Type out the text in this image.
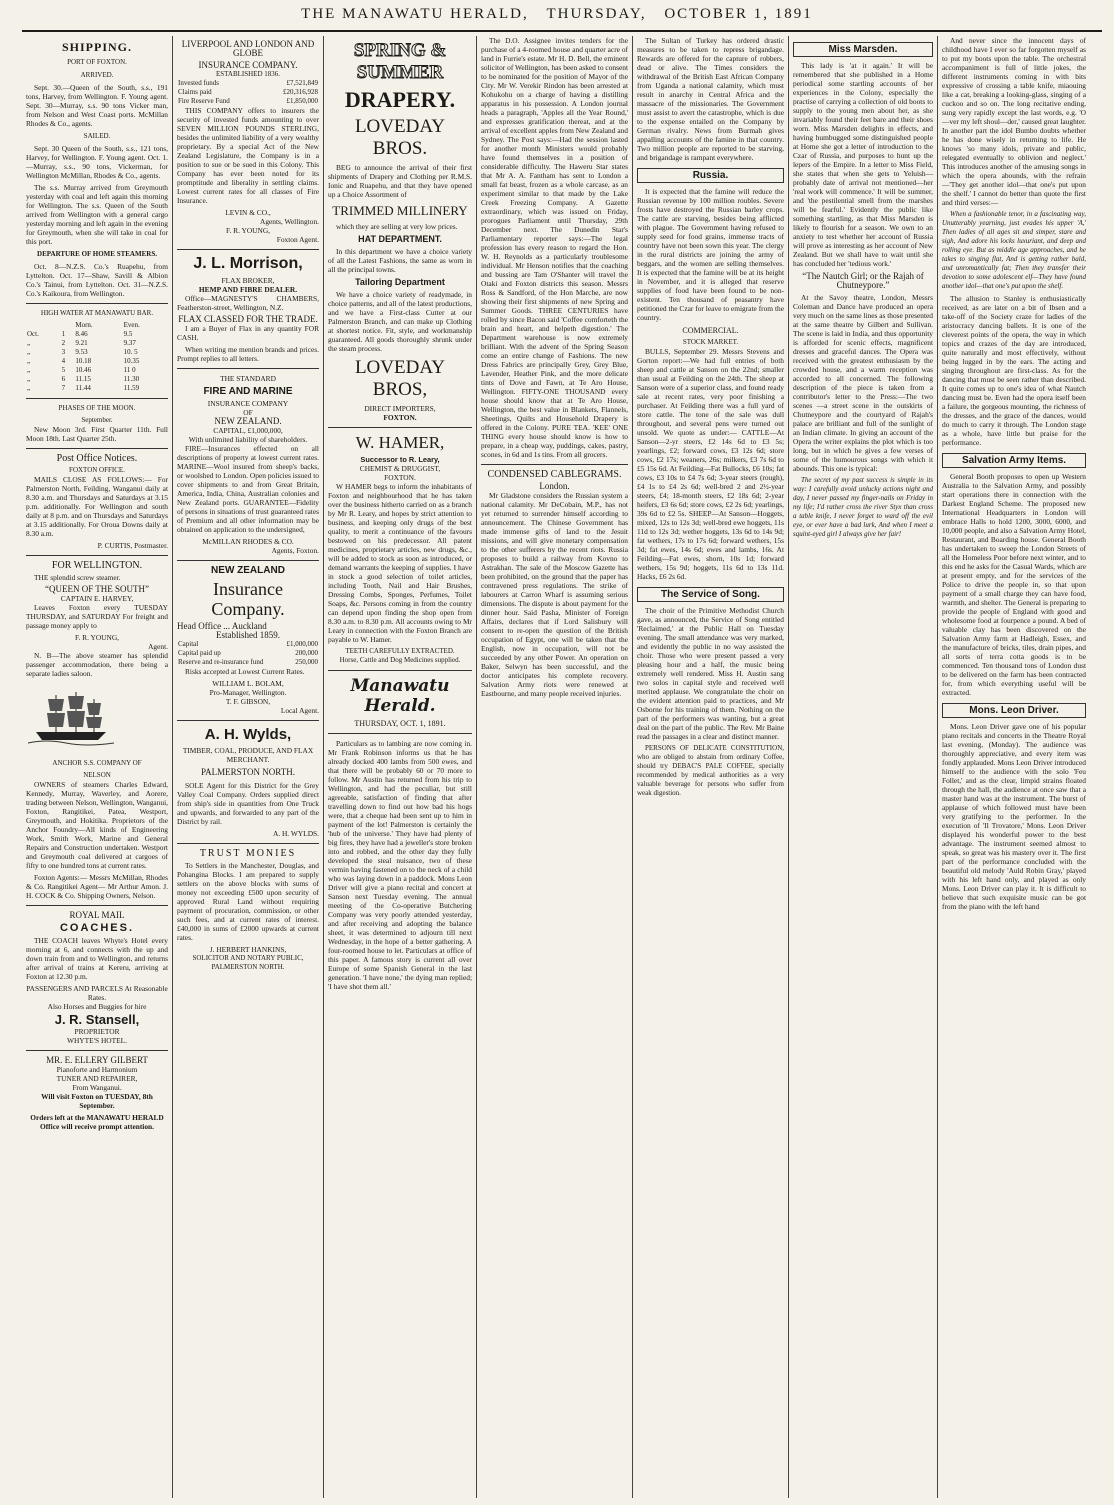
THE MANAWATU HERALD, THURSDAY, OCTOBER 1, 1891
SHIPPING.
PORT OF FOXTON.
ARRIVED.

Sept. 30.—Queen of the South, s.s., 191 tons, Harvey, from Wellington. F. Young agent. Sept. 30—Murray, s.s. 90 tons Vicker man, from Nelson and West Coast ports. McMillan Rhodes & Co., agents.

SAILED.

Sept. 30 Queen of the South, s.s., 121 tons, Harvey, for Wellington. F. Young agent. Oct. 1.—Murray, s.s., 90 tons, Vickerman, for Wellington McMillan, Rhodes & Co., agents.

The s.s. Murray arrived from Greymouth yesterday with coal and left again this morning for Wellington. The s.s. Queen of the South arrived from Wellington with a general cargo yesterday morning and left again in the evening for Greymouth, when she will take in coal for this port.

DEPARTURE OF HOME STEAMERS.

Oct. 8—N.Z.S. Co.'s Ruapehu, from Lyttelton. Oct. 17—Shaw, Savill & Albion Co.'s Tainui, from Lyttelton. Oct. 31—N.Z.S. Co.'s Kaikoura, from Wellington.

HIGH WATER AT MANAWATU BAR.
		Morn.	Even.
Oct.	1	8.46	9.5
„	2	9.21	9.37
„	3	9.53	10. 5
„	4	10.18	10.35
„	5	10.46	11 0
„	6	11.15	11.30
„	7	11.44	11.59
PHASES OF THE MOON.
September.

New Moon 3rd. First Quarter 11th. Full Moon 18th. Last Quarter 25th.

Post Office Notices.
FOXTON OFFICE.

MAILS CLOSE AS FOLLOWS:— For Palmerston North, Feilding, Wanganui daily at 8.30 a.m. and Thursdays and Saturdays at 3.15 p.m. additionally. For Wellington and south daily at 8 p.m. and on Thursdays and Saturdays at 3.15 additionally. For Oroua Downs daily at 8.30 a.m.

P. CURTIS, Postmaster.
FOR WELLINGTON.

THE splendid screw steamer.

“QUEEN OF THE SOUTH”
CAPTAIN E. HARVEY,

Leaves Foxton every TUESDAY THURSDAY, and SATURDAY For freight and passage money apply to

F. R. YOUNG,
Agent.

N. B—The above steamer has splendid passenger accommodation, there being a separate ladies saloon.

ANCHOR S.S. COMPANY OF
NELSON

OWNERS of steamers Charles Edward, Kennedy, Murray, Waverley, and Aorere, trading between Nelson, Wellington, Wanganui, Foxton, Rangitikei, Patea, Westport, Greymouth, and Hokitika. Proprietors of the Anchor Foundry—All kinds of Engineering Work, Smith Work, Marine and General Repairs and Construction undertaken. Westport and Greymouth coal delivered at cargoes of fifty to one hundred tons at current rates.

Foxton Agents:— Messrs McMillan, Rhodes & Co. Rangitikei Agent— Mr Arthur Amon. J. H. COCK & Co. Shipping Owners, Nelson.

ROYAL MAIL
COACHES.

THE COACH leaves Whyte's Hotel every morning at 6, and connects with the up and down train from and to Wellington, and returns after arrival of trains at Kereru, arriving at Foxton at 12.30 p.m.

PASSENGERS AND PARCELS At Reasonable Rates.
Also Horses and Buggies for hire
J. R. Stansell,
PROPRIETOR
WHYTE'S HOTEL.
MR. E. ELLERY GILBERT
Pianoforte and Harmonium
TUNER AND REPAIRER,
From Wanganui.
Will visit Foxton on TUESDAY, 8th September.
Orders left at the MANAWATU HERALD Office will receive prompt attention.
LIVERPOOL AND LONDON AND GLOBE
INSURANCE COMPANY.
ESTABLISHED 1836.
Invested funds	£7,521,849
Claims paid	£20,316,928
Fire Reserve Fund	£1,850,000

THIS COMPANY offers to insurers the security of invested funds amounting to over SEVEN MILLION POUNDS STERLING, besides the unlimited liability of a very wealthy proprietary. By a special Act of the New Zealand Legislature, the Company is in a position to sue or be sued in this Colony. This Company has ever been noted for its promptitude and liberality in settling claims. Lowest current rates for all classes of Fire Insurance.

LEVIN & CO.,
Agents, Wellington.
F. R. YOUNG,
Foxton Agent.
J. L. Morrison,
FLAX BROKER,
HEMP AND FIBRE DEALER.

Office—MAGNESTY'S CHAMBERS, Featherston-street, Wellington, N.Z.

FLAX CLASSED FOR THE TRADE.

I am a Buyer of Flax in any quantity FOR CASH.

When writing me mention brands and prices. Prompt replies to all letters.

THE STANDARD
FIRE AND MARINE
INSURANCE COMPANY
OF
NEW ZEALAND.
CAPITAL, £1,000,000,
With unlimited liability of shareholders.

FIRE—Insurances effected on all descriptions of property at lowest current rates. MARINE—Wool insured from sheep's backs, or woolshed to London. Open policies issued to cover shipments to and from Great Britain, America, India, China, Australian colonies and New Zealand ports. GUARANTEE—Fidelity of persons in situations of trust guaranteed rates of Premium and all other information may be obtained on application to the undersigned,

McMILLAN RHODES & CO.
Agents, Foxton.
NEW ZEALAND
Insurance Company.
Head Office ... Auckland
Established 1859.
Capital	£1,000,000
Capital paid up	200,000
Reserve and re-insurance fund	250,000

Risks accepted at Lowest Current Rates.

WILLIAM L. BOLAM,
Pro-Manager, Wellington.
T. F. GIBSON,
Local Agent.
A. H. Wylds,
TIMBER, COAL, PRODUCE, AND FLAX MERCHANT.
PALMERSTON NORTH.

SOLE Agent for this District for the Grey Valley Coal Company. Orders supplied direct from ship's side in quantities from One Truck and upwards, and forwarded to any part of the District by rail.

A. H. WYLDS.
TRUST MONIES

To Settlers in the Manchester, Douglas, and Pohangina Blocks. I am prepared to supply settlers on the above blocks with sums of money not exceeding £500 upon security of approved Rural Land without requiring payment of procuration, commission, or other such fees, and at current rates of interest. £40,000 in sums of £2000 upwards at current rates.

J. HERBERT HANKINS,
SOLICITOR AND NOTARY PUBLIC,
PALMERSTON NORTH.
SPRING & SUMMER
DRAPERY.
LOVEDAY BROS.

BEG to announce the arrival of their first shipments of Drapery and Clothing per R.M.S. Ionic and Ruapehu, and that they have opened up a Choice Assortment of

TRIMMED MILLINERY

which they are selling at very low prices.

HAT DEPARTMENT.

In this department we have a choice variety of all the Latest Fashions, the same as worn in all the principal towns.

Tailoring Department

We have a choice variety of readymade, in choice patterns, and all of the latest productions, and we have a First-class Cutter at our Palmerston Branch, and can make up Clothing at shortest notice. Fit, style, and workmanship guaranteed. All goods thoroughly shrunk under the steam process.

LOVEDAY BROS,
DIRECT IMPORTERS,
FOXTON.
W. HAMER,
Successor to R. Leary,
CHEMIST & DRUGGIST,
FOXTON.

W HAMER begs to inform the inhabitants of Foxton and neighbourhood that he has taken over the business hitherto carried on as a branch by Mr R. Leary, and hopes by strict attention to business, and keeping only drugs of the best quality, to merit a continuance of the favours bestowed on his predecessor. All patent medicines, proprietary articles, new drugs, &c., will be added to stock as soon as introduced, or demand warrants the keeping of supplies. I have in stock a good selection of toilet articles, including Tooth, Nail and Hair Brushes, Dressing Combs, Sponges, Perfumes, Toilet Soaps, &c. Persons coming in from the country can depend upon finding the shop open from 8.30 a.m. to 8.30 p.m. All accounts owing to Mr Leary in connection with the Foxton Branch are payable to W. Hamer.

TEETH CAREFULLY EXTRACTED.
Horse, Cattle and Dog Medicines supplied.
Manawatu Herald.
THURSDAY, OCT. 1, 1891.

Particulars as to lambing are now coming in. Mr Frank Robinson informs us that he has already docked 400 lambs from 500 ewes, and that there will be probably 60 or 70 more to follow. Mr Austin has returned from his trip to Wellington, and had the peculiar, but still agreeable, satisfaction of finding that after travelling down to find out how bad his hogs were, that a cheque had been sent up to him in payment of the lot! Palmerston is certainly the 'hub of the universe.' They have had plenty of big fires, they have had a jeweller's store broken into and robbed, and the other day they fully developed the steal nuisance, two of these vermin having fastened on to the neck of a child who was laying down in a paddock. Mons Leon Driver will give a piano recital and concert at Sanson next Tuesday evening. The annual meeting of the Co-operative Butchering Company was very poorly attended yesterday, and after receiving and adopting the balance sheet, it was determined to adjourn till next Wednesday, in the hope of a better gathering. A four-roomed house to let. Particulars at office of this paper. A famous story is current all over Europe of some Spanish General in the last generation. 'I have none,' the dying man replied; 'I have shot them all.'

The D.O. Assignee invites tenders for the purchase of a 4-roomed house and quarter acre of land in Furrie's estate. Mr H. D. Bell, the eminent solicitor of Wellington, has been asked to consent to be nominated for the position of Mayor of the City. Mr W. Verekir Rindon has been arrested at Kohukohu on a charge of having a distilling apparatus in his possession. A London journal heads a paragraph, 'Apples all the Year Round,' and expresses gratification thereat, and at the arrival of excellent apples from New Zealand and Sydney. The Post says:—Had the session lasted for another month Ministers would probably have found themselves in a position of considerable difficulty. The Haweru Star states that Mr A. A. Fantham has sent to London a small fat beast, frozen as a whole carcase, as an experiment similar to that made by the Lake Creek Freezing Company. A Gazette extraordinary, which was issued on Friday, prorogues Parliament until Thursday, 29th December next. The Dunedin Star's Parliamentary reporter says:—The legal profession has every reason to regard the Hon. W. H. Reynolds as a particularly troublesome individual. Mr Henson notifies that the coaching and bussing are Tam O'Shanter will travel the Otaki and Foxton districts this season. Messrs Ross & Sandford, of the Hon Marche, are now showing their first shipments of new Spring and Summer Goods. THREE CENTURIES have rolled by since Bacon said 'Coffee comforteth the brain and heart, and helpeth digestion.' The Department warehouse is now extremely brilliant. With the advent of the Spring Season come an entire change of Fashions. The new Dress Fabrics are principally Grey, Grey Blue, Lavender, Heather Pink, and the more delicate tints of Dove and Fawn, at Te Aro House, Wellington. FIFTY-ONE THOUSAND every house should know that at Te Aro House, Wellington, the best value in Blankets, Flannels, Sheetings, Quilts and Household Drapery is offered in the Colony. PURE TEA. 'KEE' ONE THING every house should know is how to prepare, in a cheap way, puddings, cakes, pastry, scones, in 6d and 1s tins. From all grocers.

CONDENSED CABLEGRAMS.
London.

Mr Gladstone considers the Russian system a national calamity. Mr DeCobain, M.P., has not yet returned to surrender himself according to announcement. The Chinese Government has made immense gifts of land to the Jesuit missions, and will give monetary compensation to the other sufferers by the recent riots. Russia proposes to build a railway from Kovno to Astrakhan. The sale of the Moscow Gazette has been prohibited, on the ground that the paper has contravened press regulations. The strike of labourers at Carron Wharf is assuming serious dimensions. The dispute is about payment for the dinner hour. Said Pasha, Minister of Foreign Affairs, declares that if Lord Salisbury will consent to re-open the question of the British occupation of Egypt, one will be taken that the English, now in occupation, will not be succeeded by any other Power. An operation on Baker, Selwyn has been successful, and the doctor anticipates his complete recovery. Salvation Army riots were renewed at Eastbourne, and many people received injuries.

The Sultan of Turkey has ordered drastic measures to be taken to repress brigandage. Rewards are offered for the capture of robbers, dead or alive. The Times considers the withdrawal of the British East African Company from Uganda a national calamity, which must result in anarchy in Central Africa and the massacre of the missionaries. The Government must assist to avert the catastrophe, which is due to the expense entailed on the Company by German rivalry. News from Burmah gives appalling accounts of the famine in that country. Two million people are reported to be starving, and brigandage is rampant everywhere.

Russia.

It is expected that the famine will reduce the Russian revenue by 100 million roubles. Severe frosts have destroyed the Russian barley crops. The cattle are starving, besides being afflicted with plague. The Government having refused to supply seed for food grains, immense tracts of country have not been sown this year. The clergy in the rural districts are joining the army of beggars, and the women are selling themselves. It is expected that the famine will be at its height in November, and it is alleged that reserve supplies of food have been found to be non-existent. Ten thousand of peasantry have petitioned the Czar for leave to emigrate from the country.

COMMERCIAL.
STOCK MARKET.

BULLS, September 29. Messrs Stevens and Gorton report:—We had full entries of both sheep and cattle at Sanson on the 22nd; smaller than usual at Feilding on the 24th. The sheep at Sanson were of a superior class, and found ready sale at recent rates, very poor finishing a purchaser. At Feilding there was a full yard of store cattle. The tone of the sale was dull throughout, and several pens were turned out unsold. We quote as under:— CATTLE—At Sanson—2-yr steers, £2 14s 6d to £3 5s; yearlings, £2; forward cows, £3 12s 6d; store cows, £2 17s; weaners, 26s; milkers, £3 7s 6d to £5 15s 6d. At Feilding—Fat Bullocks, £6 10s; fat cows, £3 10s to £4 7s 6d; 3-year steers (rough), £4 1s to £4 2s 6d; well-bred 2 and 2½-year steers, £4; 18-month steers, £2 18s 6d; 2-year heifers, £3 6s 6d; store cows, £2 2s 6d; yearlings, 39s 6d to £2 5s. SHEEP—At Sanson—Hoggets, mixed, 12s to 12s 3d; well-bred ewe hoggets, 11s 11d to 12s 3d; wether hoggets, 13s 6d to 14s 9d; fat wethers, 17s to 17s 6d; forward wethers, 15s 3d; fat ewes, 14s 6d; ewes and lambs, 16s. At Feilding—Fat ewes, shorn, 10s 1d; forward wethers, 15s 9d; hoggets, 11s 6d to 13s 11d. Hacks, £6 2s 6d.

The Service of Song.

The choir of the Primitive Methodist Church gave, as announced, the Service of Song entitled 'Reclaimed,' at the Public Hall on Tuesday evening. The small attendance was very marked, and evidently the public in no way assisted the choir. Those who were present passed a very pleasing hour and a half, the music being extremely well rendered. Miss H. Austin sang two solos in capital style and received well merited applause. We congratulate the choir on the evident attention paid to practices, and Mr Osborne for his training of them. Nothing on the part of the performers was wanting, but a great deal on the part of the public. The Rev. Mr Baine read the passages in a clear and distinct manner.

PERSONS OF DELICATE CONSTITUTION, who are obliged to abstain from ordinary Coffee, should try DEBAC'S PALE COFFEE, specially recommended by medical authorities as a very valuable beverage for persons who suffer from weak digestion.

Miss Marsden.

This lady is 'at it again.' It will be remembered that she published in a Home periodical some startling accounts of her experiences in the Colony, especially the practise of carrying a collection of old boots to supply to the young men about her, as she invariably found their feet bare and their shoes worn. Miss Marsden delights in effects, and having humbugged some distinguished people at Home she got a letter of introduction to the Czar of Russia, and purposes to hunt up the lepers of the Empire. In a letter to Miss Field, she states that when she gets to Yeluish—probably date of arrival not mentioned—her 'real work will commence.' It will be summer, and 'the pestilential smell from the marshes will be fearful.' Evidently the public like something startling, as that Miss Marsden is likely to flourish for a season. We own to an anxiety to test whether her account of Russia will prove as interesting as her account of New Zealand. But we shall have to wait until she has concluded her 'tedious work.'

“The Nautch Girl; or the Rajah of Chutneypore.”

At the Savoy theatre, London, Messrs Coleman and Dance have produced an opera very much on the same lines as those presented at the same theatre by Gilbert and Sullivan. The scene is laid in India, and thus opportunity is afforded for scenic effects, magnificent dresses and graceful dances. The Opera was received with the greatest enthusiasm by the crowded house, and a warm reception was accorded to all concerned. The following description of the piece is taken from a contributor's letter to the Press:—The two scenes —a street scene in the outskirts of Chutneypore and the courtyard of Rajah's palace are brilliant and full of the sunlight of an Indian climate. In giving an account of the Opera the writer explains the plot which is too long, but in which he gives a few verses of some of the humourous songs with which it abounds. This one is typical:

The secret of my past success is simple in its way: I carefully avoid unlucky actions night and day, I never passed my finger-nails on Friday in my life; I'd rather cross the river Styx than cross a table knife, I never forget to ward off the evil eye, or ever have a bad lurk, And when I meet a squint-eyed girl I always give her fair!

And never since the innocent days of childhood have I ever so far forgotten myself as to put my boots upon the table. The orchestral accompaniment is full of little jokes, the different instruments coming in with bits expressive of crossing a table knife, miaouing like a cat, breaking a looking-glass, singing of a cuckoo and so on. The long recitative ending, sung very rapidly except the last words, e.g. 'O—ver my left shoul—der,' caused great laughter. In another part the idol Bumbo doubts whether he has done wisely in returning to life. He knows 'so many idols, private and public, relegated eventually to oblivion and neglect.' This introduces another of the amusing songs in which the opera abounds, with the refrain—'They get another idol—that one's put upon the shelf.' I cannot do better than quote the first and third verses:—

When a fashionable tenor, in a fascinating way, Unutterably yearning, just evades his upper 'A,' Then ladies of all ages sit and simper, stare and sigh, And adore his locks luxuriant, and deep and rolling eye. But as middle age approaches, and he takes to singing flat, And is getting rather bald, and unromantically fat; Then they transfer their devotion to some adolescent elf—They have found another idol—that one's put upon the shelf.

The allusion to Stanley is enthusiastically received, as are later on a bit of Ibsen and a take-off of the Society craze for ladies of the aristocracy dancing ballets. It is one of the cleverest points of the opera, the way in which topics and crazes of the day are introduced, quite naturally and most effectively, without being lugged in by the ears. The acting and singing throughout are first-class. As for the dancing that must be seen rather than described. It quite comes up to one's idea of what Nautch dancing must be. Even had the opera itself been a failure, the gorgeous mounting, the richness of the dresses, and the grace of the dances, would do much to carry it through. The London stage as a whole, have little but praise for the performance.

Salvation Army Items.

General Booth proposes to open up Western Australia to the Salvation Army, and possibly start operations there in connection with the Darkest England Scheme. The proposed new International Headquarters in London will embrace Halls to hold 1200, 3000, 6000, and 10,000 people, and also a Salvation Army Hotel, Restaurant, and Boarding house. General Booth has undertaken to sweep the London Streets of all the Homeless Poor before next winter, and to this end he asks for the Casual Wards, which are at present empty, and for the services of the Police to drive the people in, so that upon payment of a small charge they can have food, warmth, and shelter. The General is preparing to provide the people of England with good and wholesome food at fourpence a pound. A bed of valuable clay has been discovered on the Salvation Army farm at Hadleigh, Essex, and the manufacture of bricks, tiles, drain pipes, and all sorts of terra cotta goods is to be commenced. Ten thousand tons of London dust to be delivered on the farm has been contracted for, from which everything useful will be extracted.

Mons. Leon Driver.

Mons. Leon Driver gave one of his popular piano recitals and concerts in the Theatre Royal last evening, (Monday). The audience was thoroughly appreciative, and every item was fondly applauded. Mons Leon Driver introduced himself to the audience with the solo 'Feu Follet,' and as the clear, limpid strains floated through the hall, the audience at once saw that a master hand was at the instrument. The burst of applause of which followed must have been very gratifying to the performer. In the execution of 'Il Trovatore,' Mons. Leon Driver displayed his wonderful power to the best advantage. The instrument seemed almost to speak, so great was his mastery over it. The first part of the performance concluded with the beautiful old melody 'Auld Robin Gray,' played with his left hand only, and played as only Mons. Leon Driver can play it. It is difficult to believe that such exquisite music can be got from the piano with the left hand
